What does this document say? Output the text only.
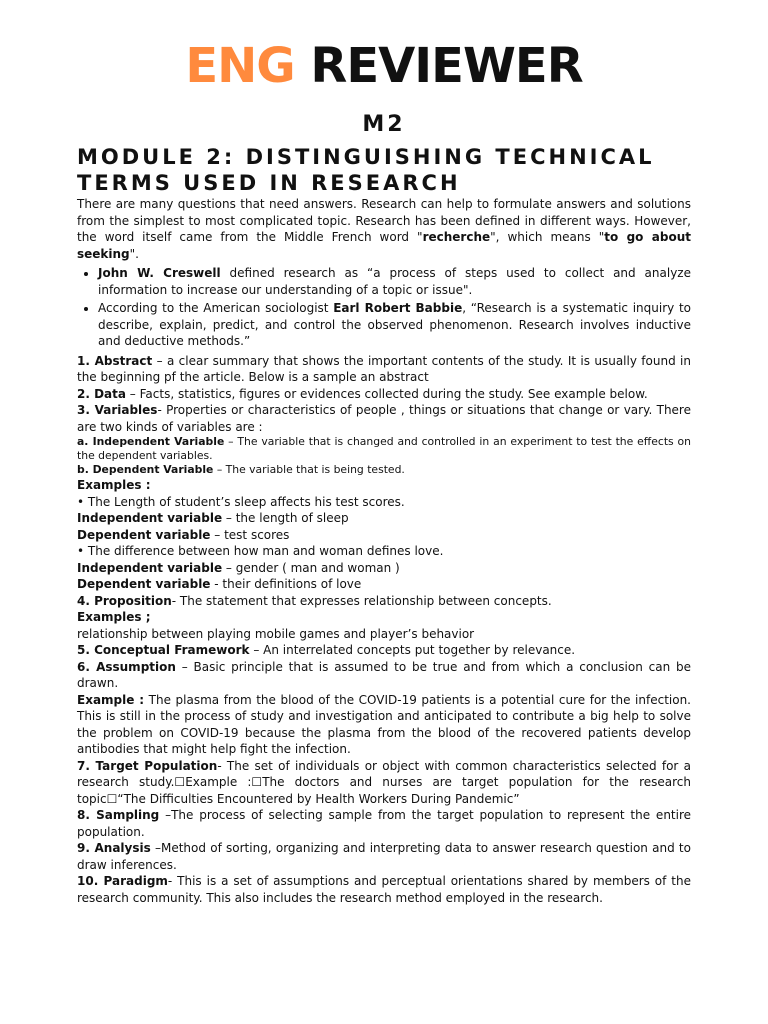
ENG REVIEWER
M2
MODULE 2: DISTINGUISHING TECHNICAL TERMS USED IN RESEARCH

There are many questions that need answers. Research can help to formulate answers and solutions from the simplest to most complicated topic. Research has been defined in different ways. However, the word itself came from the Middle French word "recherche", which means "to go about seeking".

• John W. Creswell defined research as “a process of steps used to collect and analyze information to increase our understanding of a topic or issue".
• According to the American sociologist Earl Robert Babbie, “Research is a systematic inquiry to describe, explain, predict, and control the observed phenomenon. Research involves inductive and deductive methods.”

1. Abstract – a clear summary that shows the important contents of the study. It is usually found in the beginning pf the article. Below is a sample an abstract

2. Data – Facts, statistics, figures or evidences collected during the study. See example below.

3. Variables- Properties or characteristics of people , things or situations that change or vary. There are two kinds of variables are :

a. Independent Variable – The variable that is changed and controlled in an experiment to test the effects on the dependent variables.

b. Dependent Variable – The variable that is being tested.

Examples :

• The Length of student’s sleep affects his test scores.

Independent variable – the length of sleep

Dependent variable – test scores

• The difference between how man and woman defines love.

Independent variable – gender ( man and woman )

Dependent variable - their definitions of love

4. Proposition- The statement that expresses relationship between concepts.

Examples ;

relationship between playing mobile games and player’s behavior

5. Conceptual Framework – An interrelated concepts put together by relevance.

6. Assumption – Basic principle that is assumed to be true and from which a conclusion can be drawn.

Example : The plasma from the blood of the COVID-19 patients is a potential cure for the infection. This is still in the process of study and investigation and anticipated to contribute a big help to solve the problem on COVID-19 because the plasma from the blood of the recovered patients develop antibodies that might help fight the infection.

7. Target Population- The set of individuals or object with common characteristics selected for a research study.☐Example :☐The doctors and nurses are target population for the research topic☐“The Difficulties Encountered by Health Workers During Pandemic”

8. Sampling –The process of selecting sample from the target population to represent the entire population.

9. Analysis –Method of sorting, organizing and interpreting data to answer research question and to draw inferences.

10. Paradigm- This is a set of assumptions and perceptual orientations shared by members of the research community. This also includes the research method employed in the research.
